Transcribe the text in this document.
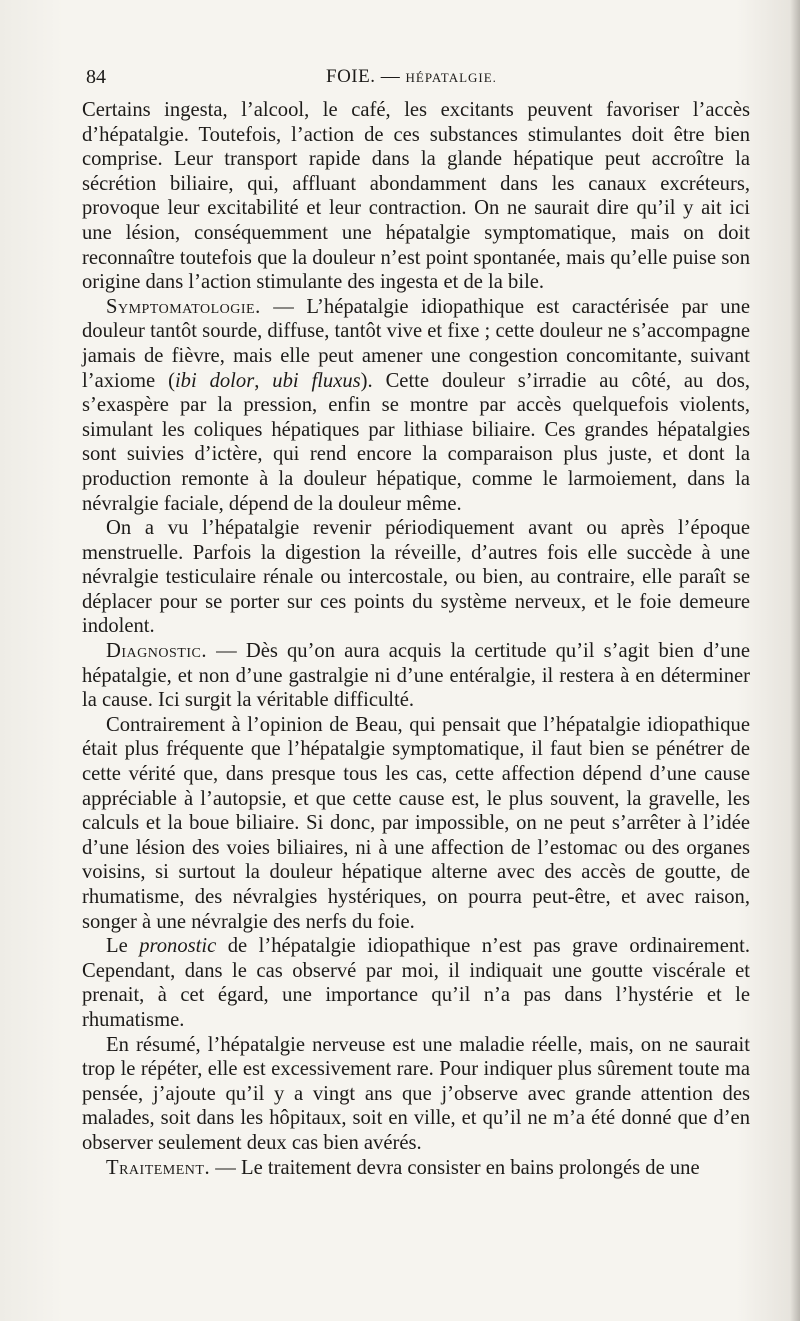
84	FOIE. — HÉPATALGIE.

Certains ingesta, l’alcool, le café, les excitants peuvent favoriser l’accès d’hépatalgie. Toutefois, l’action de ces substances stimulantes doit être bien comprise. Leur transport rapide dans la glande hépatique peut accroître la sécrétion biliaire, qui, affluant abondamment dans les canaux excréteurs, provoque leur excitabilité et leur contraction. On ne saurait dire qu’il y ait ici une lésion, conséquemment une hépatalgie symptomatique, mais on doit reconnaître toutefois que la douleur n’est point spontanée, mais qu’elle puise son origine dans l’action stimulante des ingesta et de la bile.

Symptomatologie. — L’hépatalgie idiopathique est caractérisée par une douleur tantôt sourde, diffuse, tantôt vive et fixe ; cette douleur ne s’accompagne jamais de fièvre, mais elle peut amener une congestion concomitante, suivant l’axiome (ibi dolor, ubi fluxus). Cette douleur s’irradie au côté, au dos, s’exaspère par la pression, enfin se montre par accès quelquefois violents, simulant les coliques hépatiques par lithiase biliaire. Ces grandes hépatalgies sont suivies d’ictère, qui rend encore la comparaison plus juste, et dont la production remonte à la douleur hépatique, comme le larmoiement, dans la névralgie faciale, dépend de la douleur même.

On a vu l’hépatalgie revenir périodiquement avant ou après l’époque menstruelle. Parfois la digestion la réveille, d’autres fois elle succède à une névralgie testiculaire rénale ou intercostale, ou bien, au contraire, elle paraît se déplacer pour se porter sur ces points du système nerveux, et le foie demeure indolent.

Diagnostic. — Dès qu’on aura acquis la certitude qu’il s’agit bien d’une hépatalgie, et non d’une gastralgie ni d’une entéralgie, il restera à en déterminer la cause. Ici surgit la véritable difficulté.

Contrairement à l’opinion de Beau, qui pensait que l’hépatalgie idiopathique était plus fréquente que l’hépatalgie symptomatique, il faut bien se pénétrer de cette vérité que, dans presque tous les cas, cette affection dépend d’une cause appréciable à l’autopsie, et que cette cause est, le plus souvent, la gravelle, les calculs et la boue biliaire. Si donc, par impossible, on ne peut s’arrêter à l’idée d’une lésion des voies biliaires, ni à une affection de l’estomac ou des organes voisins, si surtout la douleur hépatique alterne avec des accès de goutte, de rhumatisme, des névralgies hystériques, on pourra peut-être, et avec raison, songer à une névralgie des nerfs du foie.

Le pronostic de l’hépatalgie idiopathique n’est pas grave ordinairement. Cependant, dans le cas observé par moi, il indiquait une goutte viscérale et prenait, à cet égard, une importance qu’il n’a pas dans l’hystérie et le rhumatisme.

En résumé, l’hépatalgie nerveuse est une maladie réelle, mais, on ne saurait trop le répéter, elle est excessivement rare. Pour indiquer plus sûrement toute ma pensée, j’ajoute qu’il y a vingt ans que j’observe avec grande attention des malades, soit dans les hôpitaux, soit en ville, et qu’il ne m’a été donné que d’en observer seulement deux cas bien avérés.

Traitement. — Le traitement devra consister en bains prolongés de une
